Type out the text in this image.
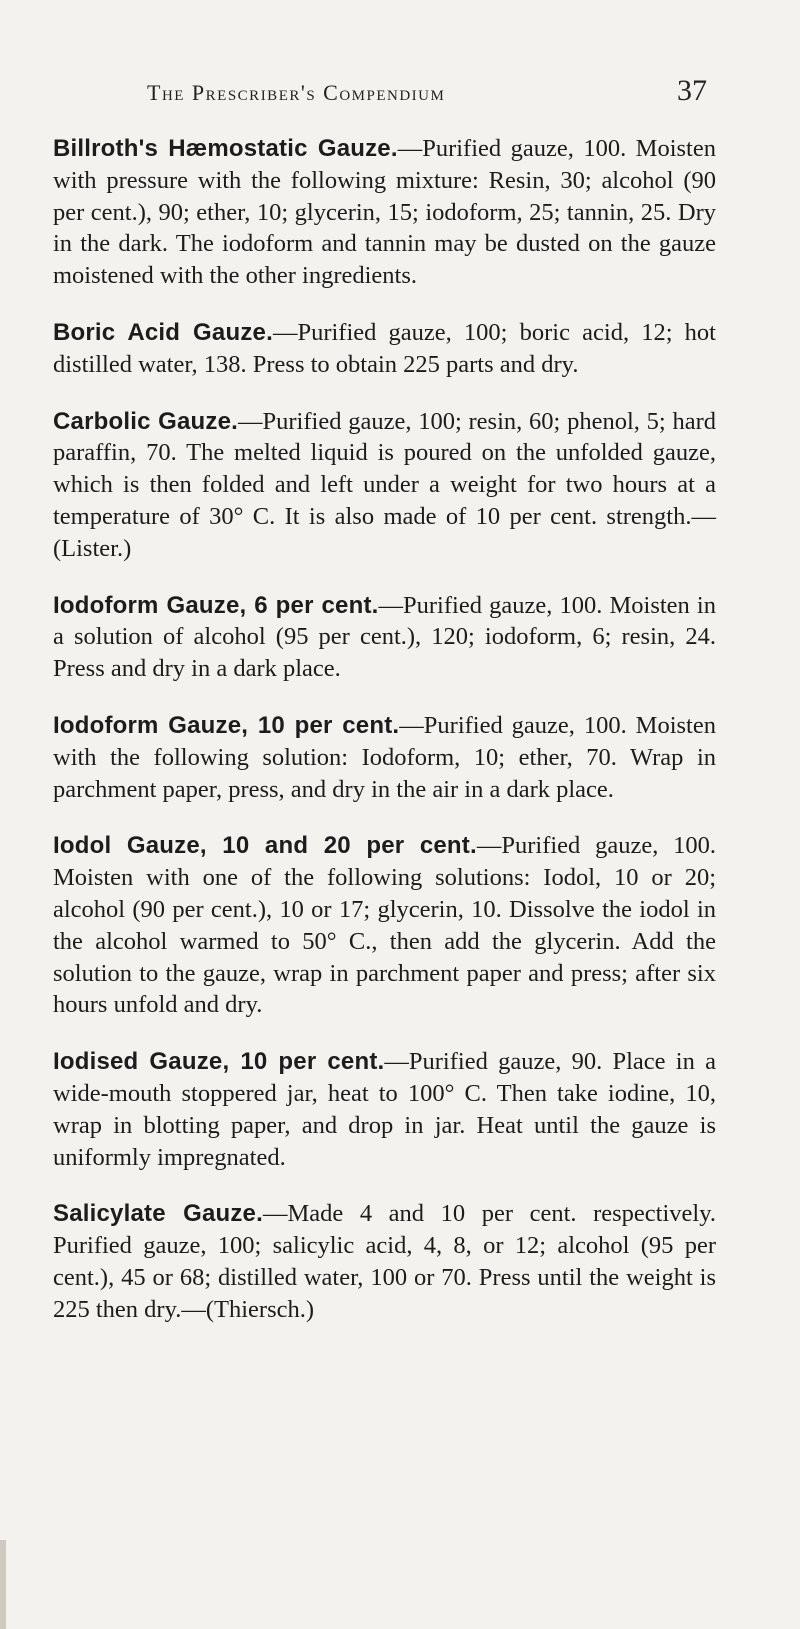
The Prescriber's Compendium	37

Billroth's Hæmostatic Gauze.—Purified gauze, 100. Moisten with pressure with the following mixture: Resin, 30; alcohol (90 per cent.), 90; ether, 10; glycerin, 15; iodoform, 25; tannin, 25. Dry in the dark. The iodoform and tannin may be dusted on the gauze moistened with the other ingredients.

Boric Acid Gauze.—Purified gauze, 100; boric acid, 12; hot distilled water, 138. Press to obtain 225 parts and dry.

Carbolic Gauze.—Purified gauze, 100; resin, 60; phenol, 5; hard paraffin, 70. The melted liquid is poured on the unfolded gauze, which is then folded and left under a weight for two hours at a temperature of 30° C. It is also made of 10 per cent. strength.—(Lister.)

Iodoform Gauze, 6 per cent.—Purified gauze, 100. Moisten in a solution of alcohol (95 per cent.), 120; iodoform, 6; resin, 24. Press and dry in a dark place.

Iodoform Gauze, 10 per cent.—Purified gauze, 100. Moisten with the following solution: Iodoform, 10; ether, 70. Wrap in parchment paper, press, and dry in the air in a dark place.

Iodol Gauze, 10 and 20 per cent.—Purified gauze, 100. Moisten with one of the following solutions: Iodol, 10 or 20; alcohol (90 per cent.), 10 or 17; glycerin, 10. Dissolve the iodol in the alcohol warmed to 50° C., then add the glycerin. Add the solution to the gauze, wrap in parchment paper and press; after six hours unfold and dry.

Iodised Gauze, 10 per cent.—Purified gauze, 90. Place in a wide-mouth stoppered jar, heat to 100° C. Then take iodine, 10, wrap in blotting paper, and drop in jar. Heat until the gauze is uniformly impregnated.

Salicylate Gauze.—Made 4 and 10 per cent. respectively. Purified gauze, 100; salicylic acid, 4, 8, or 12; alcohol (95 per cent.), 45 or 68; distilled water, 100 or 70. Press until the weight is 225 then dry.—(Thiersch.)
